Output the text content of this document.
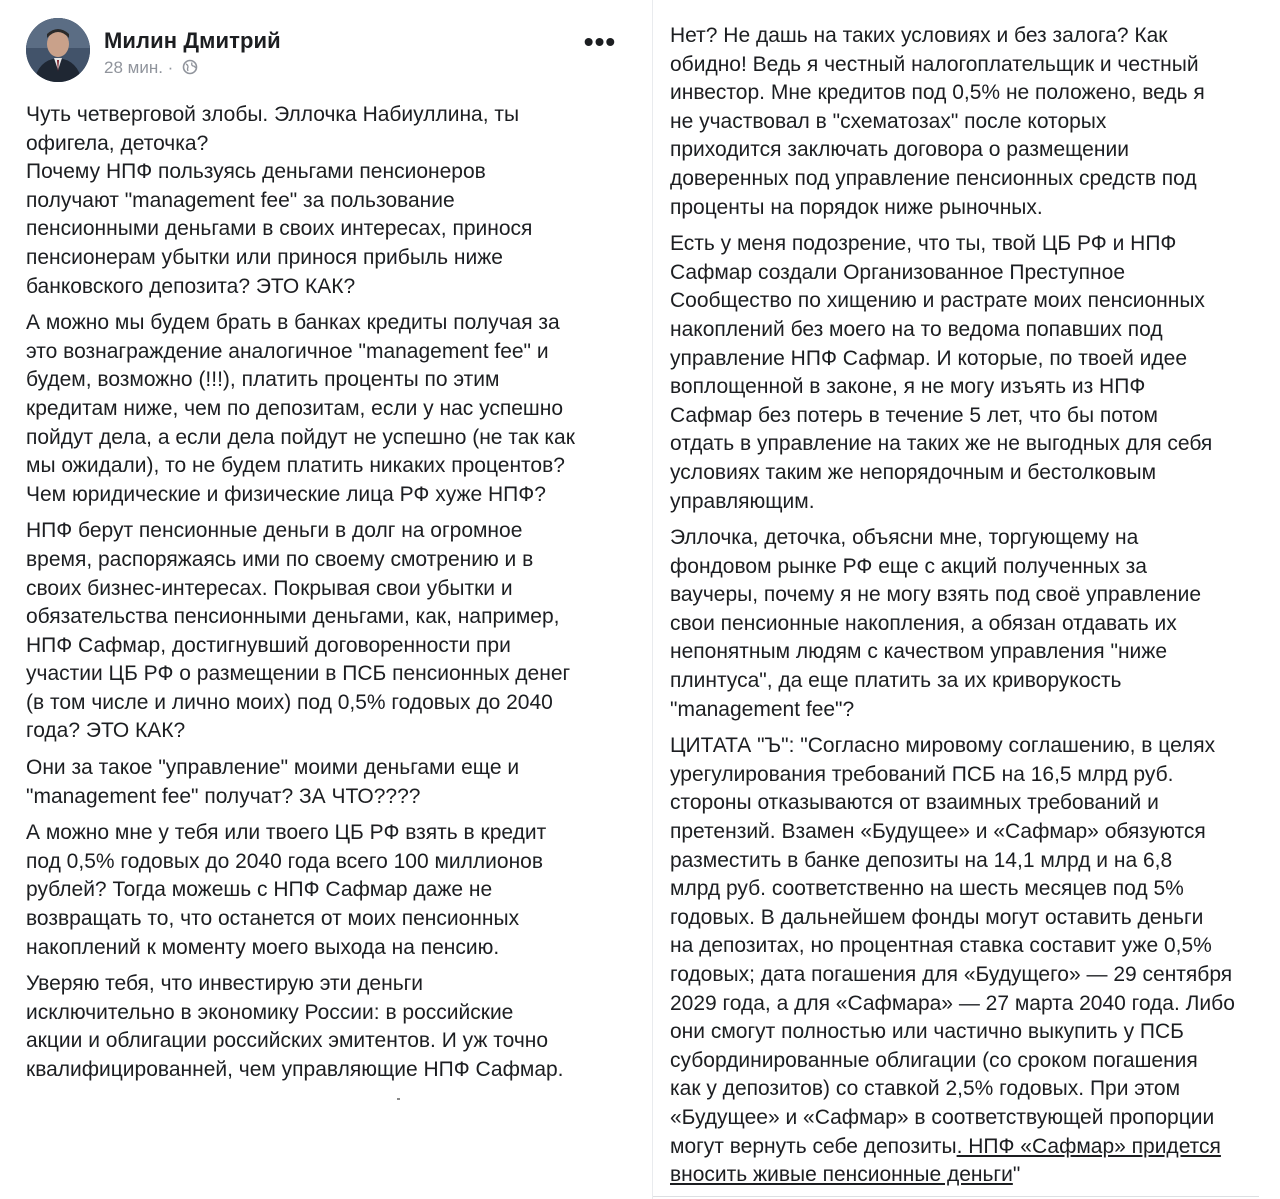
Милин Дмитрий
28 мин. ·
•••

Чуть четверговой злобы. Эллочка Набиуллина, ты
офигела, деточка?
Почему НПФ пользуясь деньгами пенсионеров
получают "management fee" за пользование
пенсионными деньгами в своих интересах, принося
пенсионерам убытки или принося прибыль ниже
банковского депозита? ЭТО КАК?

А можно мы будем брать в банках кредиты получая за
это вознаграждение аналогичное "management fee" и
будем, возможно (!!!), платить проценты по этим
кредитам ниже, чем по депозитам, если у нас успешно
пойдут дела, а если дела пойдут не успешно (не так как
мы ожидали), то не будем платить никаких процентов?
Чем юридические и физические лица РФ хуже НПФ?

НПФ берут пенсионные деньги в долг на огромное
время, распоряжаясь ими по своему смотрению и в
своих бизнес-интересах. Покрывая свои убытки и
обязательства пенсионными деньгами, как, например,
НПФ Сафмар, достигнувший договоренности при
участии ЦБ РФ о размещении в ПСБ пенсионных денег
(в том числе и лично моих) под 0,5% годовых до 2040
года? ЭТО КАК?

Они за такое "управление" моими деньгами еще и
"management fee" получат? ЗА ЧТО????

А можно мне у тебя или твоего ЦБ РФ взять в кредит
под 0,5% годовых до 2040 года всего 100 миллионов
рублей? Тогда можешь с НПФ Сафмар даже не
возвращать то, что останется от моих пенсионных
накоплений к моменту моего выхода на пенсию.

Уверяю тебя, что инвестирую эти деньги
исключительно в экономику России: в российские
акции и облигации российских эмитентов. И уж точно
квалифицированней, чем управляющие НПФ Сафмар.

Нет? Не дашь на таких условиях и без залога? Как
обидно! Ведь я честный налогоплательщик и честный
инвестор. Мне кредитов под 0,5% не положено, ведь я
не участвовал в "схематозах" после которых
приходится заключать договора о размещении
доверенных под управление пенсионных средств под
проценты на порядок ниже рыночных.

Есть у меня подозрение, что ты, твой ЦБ РФ и НПФ
Сафмар создали Организованное Преступное
Сообщество по хищению и растрате моих пенсионных
накоплений без моего на то ведома попавших под
управление НПФ Сафмар. И которые, по твоей идее
воплощенной в законе, я не могу изъять из НПФ
Сафмар без потерь в течение 5 лет, что бы потом
отдать в управление на таких же не выгодных для себя
условиях таким же непорядочным и бестолковым
управляющим.

Эллочка, деточка, объясни мне, торгующему на
фондовом рынке РФ еще с акций полученных за
ваучеры, почему я не могу взять под своё управление
свои пенсионные накопления, а обязан отдавать их
непонятным людям с качеством управления "ниже
плинтуса", да еще платить за их криворукость
"management fee"?

ЦИТАТА "Ъ": "Согласно мировому соглашению, в целях
урегулирования требований ПСБ на 16,5 млрд руб.
стороны отказываются от взаимных требований и
претензий. Взамен «Будущее» и «Сафмар» обязуются
разместить в банке депозиты на 14,1 млрд и на 6,8
млрд руб. соответственно на шесть месяцев под 5%
годовых. В дальнейшем фонды могут оставить деньги
на депозитах, но процентная ставка составит уже 0,5%
годовых; дата погашения для «Будущего» — 29 сентября
2029 года, а для «Сафмара» — 27 марта 2040 года. Либо
они смогут полностью или частично выкупить у ПСБ
субординированные облигации (со сроком погашения
как у депозитов) со ставкой 2,5% годовых. При этом
«Будущее» и «Сафмар» в соответствующей пропорции
могут вернуть себе депозиты. НПФ «Сафмар» придется
вносить живые пенсионные деньги"
